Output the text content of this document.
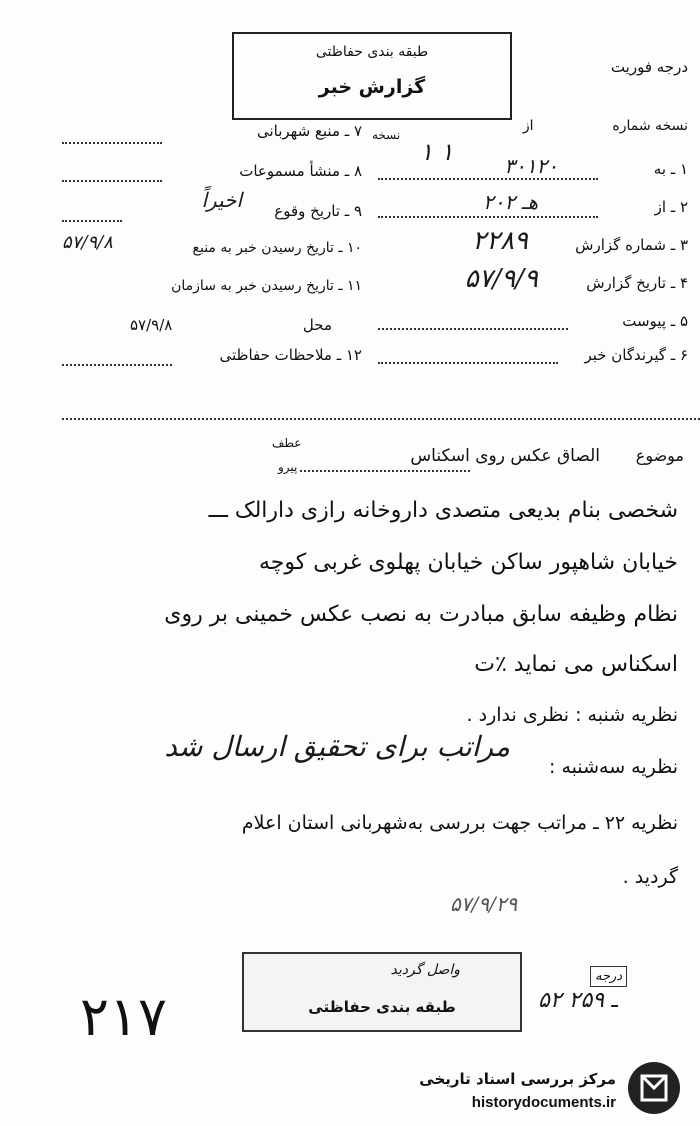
طبقه بندی حفاظتی
گزارش خبر
درجه فوریت
نسخه شماره  از
نسخه
۱ ۱
۱ ـ به
۳۰۱۲۰
۲ ـ از
۲۰۲ هـ
۳ ـ شماره گزارش
۲۲۸۹
۴ ـ تاریخ گزارش
۵۷/۹/۹
۵ ـ پیوست
۶ ـ گیرندگان خبر
۷ ـ منبع شهربانی
۸ ـ منشأ مسموعات
۹ ـ تاریخ وقوع
اخیراً
۱۰ ـ تاریخ رسیدن خبر به منبع
۵۷/۹/۸
۱۱ ـ تاریخ رسیدن خبر به سازمان
محل
۵۷/۹/۸
۱۲ ـ ملاحظات حفاظتی
موضوع
الصاق عکس روی اسکناس
عطف
پیرو
شخصی بنام بدیعی متصدی داروخانه رازی دارالک ـــ
خیابان شاهپور ساکن خیابان پهلوی غربی کوچه
نظام وظیفه سابق مبادرت به نصب عکس خمینی بر روی
اسکناس می نماید ٪ت
نظریه شنبه : نظری ندارد .
نظریه سه‌شنبه :
مراتب برای تحقیق ارسال شد
نظریه ۲۲ ـ مراتب جهت بررسی به‌شهربانی استان اعلام
گردید .
۵۷/۹/۲۹
واصل گردید
طبقه بندی حفاظتی
درجه
۵۲ ـ ۲۵۹
۲۱۷
مرکز بررسی اسناد تاریخی
historydocuments.ir
